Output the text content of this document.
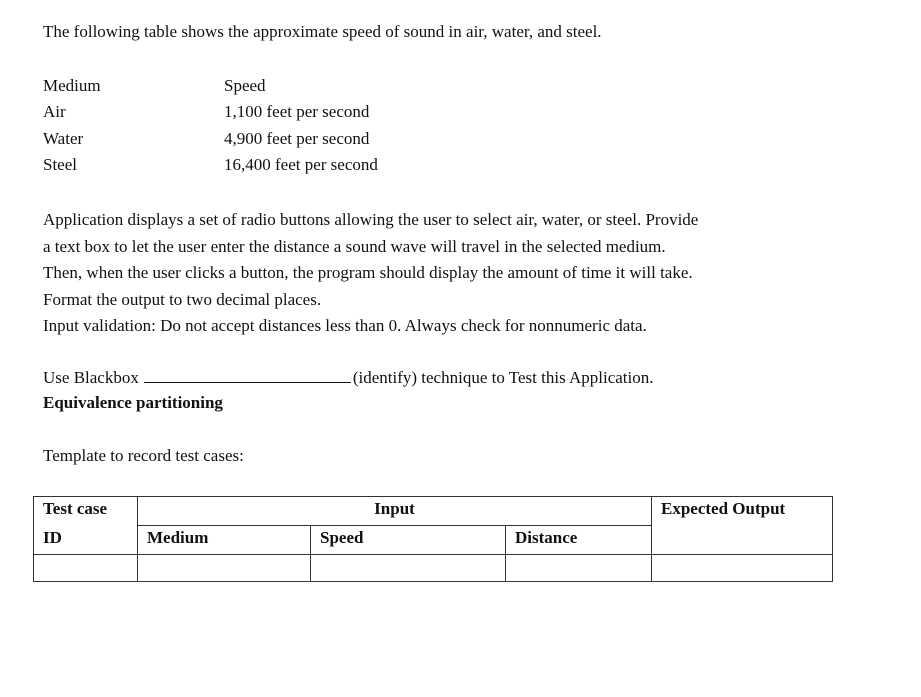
The following table shows the approximate speed of sound in air, water, and steel.
Medium	Speed
Air	1,100 feet per second
Water	4,900 feet per second
Steel	16,400 feet per second

Application displays a set of radio buttons allowing the user to select air, water, or steel. Provide

a text box to let the user enter the distance a sound wave will travel in the selected medium.

Then, when the user clicks a button, the program should display the amount of time it will take.

Format the output to two decimal places.

Input validation: Do not accept distances less than 0. Always check for nonnumeric data.

Use Blackbox	(identify) technique to Test this Application.
Equivalence partitioning
Template to record test cases:
Test case	Input			Expected Output
ID	Medium	Speed	Distance	
